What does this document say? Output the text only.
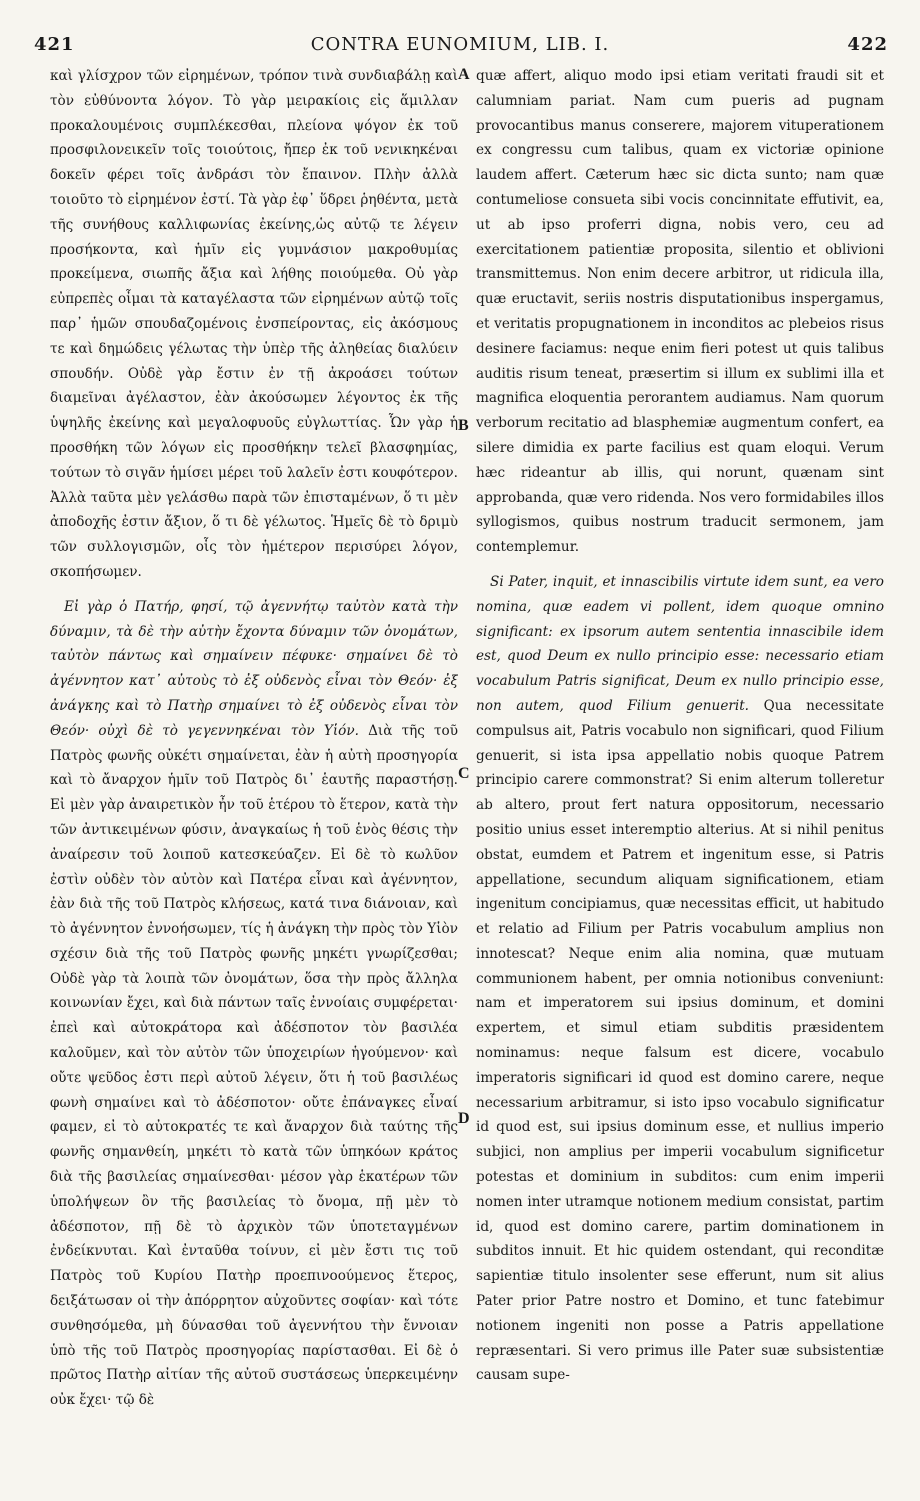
421	CONTRA EUNOMIUM, LIB. I.	422

καὶ γλίσχρον τῶν εἰρημένων, τρόπον τινὰ συνδιαβάλῃ καὶ τὸν εὐθύνοντα λόγον. Τὸ γὰρ μειρακίοις εἰς ἅμιλλαν προκαλουμένοις συμπλέκεσθαι, πλείονα ψόγον ἐκ τοῦ προσφιλονεικεῖν τοῖς τοιούτοις, ἤπερ ἐκ τοῦ νενικηκέναι δοκεῖν φέρει τοῖς ἀνδράσι τὸν ἔπαινον. Πλὴν ἀλλὰ τοιοῦτο τὸ εἰρημένον ἐστί. Τὰ γὰρ ἐφ᾽ ὕδρει ῥηθέντα, μετὰ τῆς συνήθους καλλιφωνίας ἐκείνης,ὡς αὐτῷ τε λέγειν προσήκοντα, καὶ ἡμῖν εἰς γυμνάσιον μακροθυμίας προκείμενα, σιωπῆς ἄξια καὶ λήθης ποιούμεθα. Οὐ γὰρ εὐπρεπὲς οἶμαι τὰ καταγέλαστα τῶν εἰρημένων αὐτῷ τοῖς παρ᾽ ἡμῶν σπουδαζομένοις ἐνσπείροντας, εἰς ἀκόσμους τε καὶ δημώδεις γέλωτας τὴν ὑπὲρ τῆς ἀληθείας διαλύειν σπουδήν. Οὐδὲ γὰρ ἔστιν ἐν τῇ ἀκροάσει τούτων διαμεῖναι ἀγέλαστον, ἐὰν ἀκούσωμεν λέγοντος ἐκ τῆς ὑψηλῆς ἐκείνης καὶ μεγαλοφυοῦς εὐγλωττίας. Ὧν γὰρ ἡ προσθήκη τῶν λόγων εἰς προσθήκην τελεῖ βλασφημίας, τούτων τὸ σιγᾶν ἡμίσει μέρει τοῦ λαλεῖν ἐστι κουφότερον. Ἀλλὰ ταῦτα μὲν γελάσθω παρὰ τῶν ἐπισταμένων, ὅ τι μὲν ἀποδοχῆς ἐστιν ἄξιον, ὅ τι δὲ γέλωτος. Ἡμεῖς δὲ τὸ δριμὺ τῶν συλλογισμῶν, οἷς τὸν ἡμέτερον περισύρει λόγον, σκοπήσωμεν.

Εἰ γὰρ ὁ Πατήρ, φησί, τῷ ἀγεννήτῳ ταὐτὸν κατὰ τὴν δύναμιν, τὰ δὲ τὴν αὐτὴν ἔχοντα δύναμιν τῶν ὀνομάτων, ταὐτὸν πάντως καὶ σημαίνειν πέφυκε· σημαίνει δὲ τὸ ἀγέννητον κατ᾽ αὐτοὺς τὸ ἐξ οὐδενὸς εἶναι τὸν Θεόν· ἐξ ἀνάγκης καὶ τὸ Πατὴρ σημαίνει τὸ ἐξ οὐδενὸς εἶναι τὸν Θεόν· οὐχὶ δὲ τὸ γεγεννηκέναι τὸν Υἱόν. Διὰ τῆς τοῦ Πατρὸς φωνῆς οὐκέτι σημαίνεται, ἐὰν ἡ αὐτὴ προσηγορία καὶ τὸ ἄναρχον ἡμῖν τοῦ Πατρὸς δι᾽ ἑαυτῆς παραστήσῃ. Εἰ μὲν γὰρ ἀναιρετικὸν ἦν τοῦ ἑτέρου τὸ ἕτερον, κατὰ τὴν τῶν ἀντικειμένων φύσιν, ἀναγκαίως ἡ τοῦ ἑνὸς θέσις τὴν ἀναίρεσιν τοῦ λοιποῦ κατεσκεύαζεν. Εἰ δὲ τὸ κωλῦον ἐστὶν οὐδὲν τὸν αὐτὸν καὶ Πατέρα εἶναι καὶ ἀγέννητον, ἐὰν διὰ τῆς τοῦ Πατρὸς κλήσεως, κατά τινα διάνοιαν, καὶ τὸ ἀγέννητον ἐννοήσωμεν, τίς ἡ ἀνάγκη τὴν πρὸς τὸν Υἱὸν σχέσιν διὰ τῆς τοῦ Πατρὸς φωνῆς μηκέτι γνωρίζεσθαι; Οὐδὲ γὰρ τὰ λοιπὰ τῶν ὀνομάτων, ὅσα τὴν πρὸς ἄλληλα κοινωνίαν ἔχει, καὶ διὰ πάντων ταῖς ἐννοίαις συμφέρεται· ἐπεὶ καὶ αὐτοκράτορα καὶ ἀδέσποτον τὸν βασιλέα καλοῦμεν, καὶ τὸν αὐτὸν τῶν ὑποχειρίων ἡγούμενον· καὶ οὔτε ψεῦδος ἐστι περὶ αὐτοῦ λέγειν, ὅτι ἡ τοῦ βασιλέως φωνὴ σημαίνει καὶ τὸ ἀδέσποτον· οὔτε ἐπάναγκες εἶναί φαμεν, εἰ τὸ αὐτοκρατές τε καὶ ἄναρχον διὰ ταύτης τῆς φωνῆς σημανθείη, μηκέτι τὸ κατὰ τῶν ὑπηκόων κράτος διὰ τῆς βασιλείας σημαίνεσθαι· μέσον γὰρ ἑκατέρων τῶν ὑπολήψεων ὂν τῆς βασιλείας τὸ ὄνομα, πῇ μὲν τὸ ἀδέσποτον, πῇ δὲ τὸ ἀρχικὸν τῶν ὑποτεταγμένων ἐνδείκνυται. Καὶ ἐνταῦθα τοίνυν, εἰ μὲν ἔστι τις τοῦ Πατρὸς τοῦ Κυρίου Πατὴρ προεπινοούμενος ἕτερος, δειξάτωσαν οἱ τὴν ἀπόρρητον αὐχοῦντες σοφίαν· καὶ τότε συνθησόμεθα, μὴ δύνασθαι τοῦ ἀγεννήτου τὴν ἔννοιαν ὑπὸ τῆς τοῦ Πατρὸς προσηγορίας παρίστασθαι. Εἰ δὲ ὁ πρῶτος Πατὴρ αἰτίαν τῆς αὐτοῦ συστάσεως ὑπερκειμένην οὐκ ἔχει· τῷ δὲ

A
B
C
D

quæ affert, aliquo modo ipsi etiam veritati fraudi sit et calumniam pariat. Nam cum pueris ad pugnam provocantibus manus conserere, majorem vituperationem ex congressu cum talibus, quam ex victoriæ opinione laudem affert. Cæterum hæc sic dicta sunto; nam quæ contumeliose consueta sibi vocis concinnitate effutivit, ea, ut ab ipso proferri digna, nobis vero, ceu ad exercitationem patientiæ proposita, silentio et oblivioni transmittemus. Non enim decere arbitror, ut ridicula illa, quæ eructavit, seriis nostris disputationibus inspergamus, et veritatis propugnationem in inconditos ac plebeios risus desinere faciamus: neque enim fieri potest ut quis talibus auditis risum teneat, præsertim si illum ex sublimi illa et magnifica eloquentia perorantem audiamus. Nam quorum verborum recitatio ad blasphemiæ augmentum confert, ea silere dimidia ex parte facilius est quam eloqui. Verum hæc rideantur ab illis, qui norunt, quænam sint approbanda, quæ vero ridenda. Nos vero formidabiles illos syllogismos, quibus nostrum traducit sermonem, jam contemplemur.

Si Pater, inquit, et innascibilis virtute idem sunt, ea vero nomina, quæ eadem vi pollent, idem quoque omnino significant: ex ipsorum autem sententia innascibile idem est, quod Deum ex nullo principio esse: necessario etiam vocabulum Patris significat, Deum ex nullo principio esse, non autem, quod Filium genuerit. Qua necessitate compulsus ait, Patris vocabulo non significari, quod Filium genuerit, si ista ipsa appellatio nobis quoque Patrem principio carere commonstrat? Si enim alterum tolleretur ab altero, prout fert natura oppositorum, necessario positio unius esset interemptio alterius. At si nihil penitus obstat, eumdem et Patrem et ingenitum esse, si Patris appellatione, secundum aliquam significationem, etiam ingenitum concipiamus, quæ necessitas efficit, ut habitudo et relatio ad Filium per Patris vocabulum amplius non innotescat? Neque enim alia nomina, quæ mutuam communionem habent, per omnia notionibus conveniunt: nam et imperatorem sui ipsius dominum, et domini expertem, et simul etiam subditis præsidentem nominamus: neque falsum est dicere, vocabulo imperatoris significari id quod est domino carere, neque necessarium arbitramur, si isto ipso vocabulo significatur id quod est, sui ipsius dominum esse, et nullius imperio subjici, non amplius per imperii vocabulum significetur potestas et dominium in subditos: cum enim imperii nomen inter utramque notionem medium consistat, partim id, quod est domino carere, partim dominationem in subditos innuit. Et hic quidem ostendant, qui reconditæ sapientiæ titulo insolenter sese efferunt, num sit alius Pater prior Patre nostro et Domino, et tunc fatebimur notionem ingeniti non posse a Patris appellatione repræsentari. Si vero primus ille Pater suæ subsistentiæ causam supe-
